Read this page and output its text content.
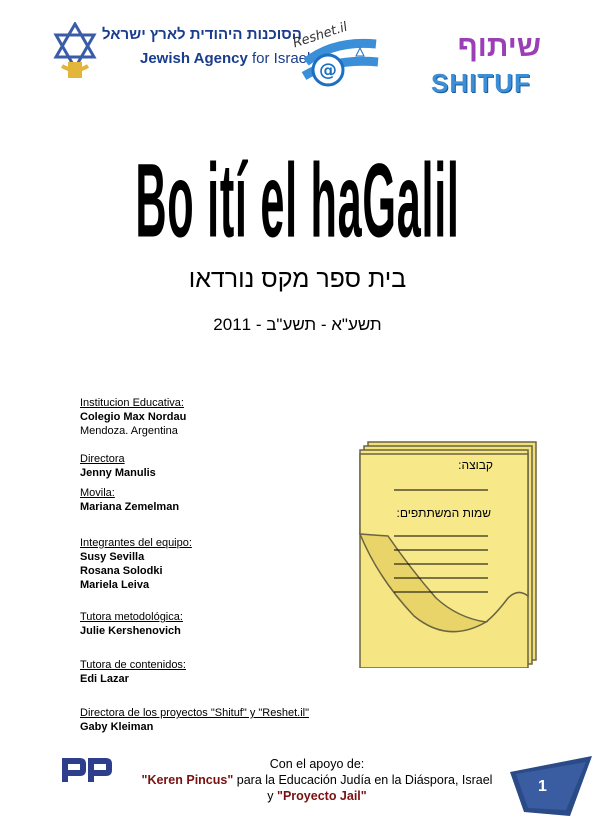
הסוכנות היהודית לארץ ישראל
Jewish Agency for Israel
@
Reshet.il	שיתוף
SHITUF
Bo ití el haGalil
בית ספר מקס נורדאו
2011 - תשע"א - תשע"ב
Institucion Educativa:
Colegio Max Nordau
Mendoza. Argentina
Directora
Jenny Manulis
Movila:
Mariana Zemelman
Integrantes del equipo:
Susy Sevilla
Rosana Solodki
Mariela Leiva
Tutora metodológica:
Julie Kershenovich
Tutora de contenidos:
Edi Lazar
Directora de los proyectos "Shituf" y "Reshet.il"
Gaby Kleiman
קבוצה:
שמות המשתתפים:
Con el apoyo de:
"Keren Pincus" para la Educación Judía en la Diáspora, Israel
y "Proyecto Jail"
1
